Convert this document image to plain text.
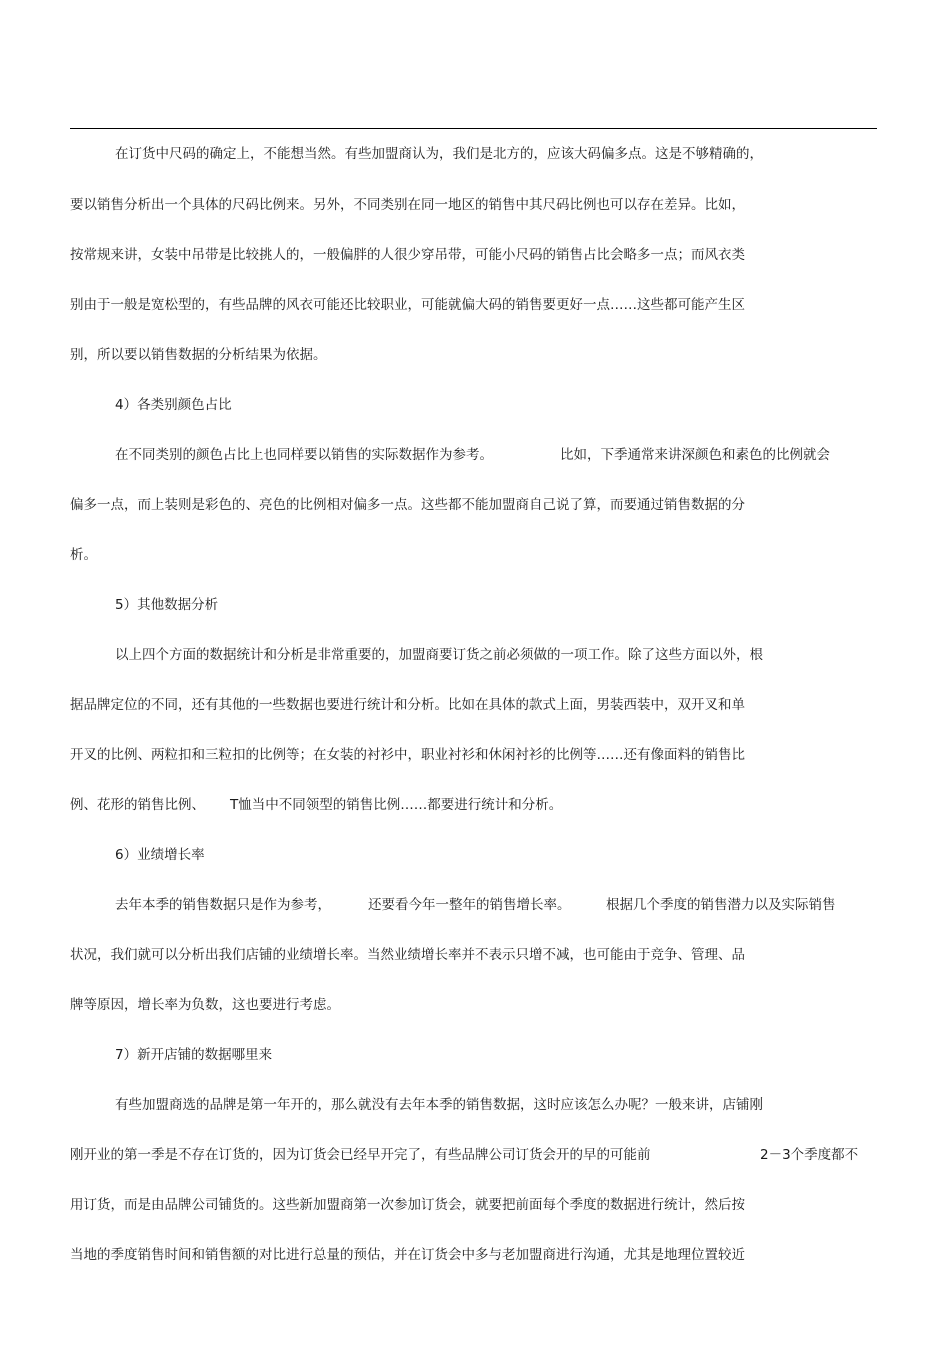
在订货中尺码的确定上，不能想当然。有些加盟商认为，我们是北方的，应该大码偏多点。这是不够精确的，
要以销售分析出一个具体的尺码比例来。另外，不同类别在同一地区的销售中其尺码比例也可以存在差异。比如，
按常规来讲，女装中吊带是比较挑人的，一般偏胖的人很少穿吊带，可能小尺码的销售占比会略多一点；而风衣类
别由于一般是宽松型的，有些品牌的风衣可能还比较职业，可能就偏大码的销售要更好一点……这些都可能产生区
别，所以要以销售数据的分析结果为依据。
4）各类别颜色占比
在不同类别的颜色占比上也同样要以销售的实际数据作为参考。	比如，下季通常来讲深颜色和素色的比例就会
偏多一点，而上装则是彩色的、亮色的比例相对偏多一点。这些都不能加盟商自己说了算，而要通过销售数据的分
析。
5）其他数据分析
以上四个方面的数据统计和分析是非常重要的，加盟商要订货之前必须做的一项工作。除了这些方面以外，根
据品牌定位的不同，还有其他的一些数据也要进行统计和分析。比如在具体的款式上面，男装西装中，双开叉和单
开叉的比例、两粒扣和三粒扣的比例等；在女装的衬衫中，职业衬衫和休闲衬衫的比例等……还有像面料的销售比
例、花形的销售比例、 T恤当中不同领型的销售比例……都要进行统计和分析。
6）业绩增长率
去年本季的销售数据只是作为参考，	还要看今年一整年的销售增长率。	根据几个季度的销售潜力以及实际销售
状况，我们就可以分析出我们店铺的业绩增长率。当然业绩增长率并不表示只增不减，也可能由于竞争、管理、品
牌等原因，增长率为负数，这也要进行考虑。
7）新开店铺的数据哪里来
有些加盟商选的品牌是第一年开的，那么就没有去年本季的销售数据，这时应该怎么办呢？一般来讲，店铺刚
刚开业的第一季是不存在订货的，因为订货会已经早开完了，有些品牌公司订货会开的早的可能前	2－3个季度都不
用订货，而是由品牌公司铺货的。这些新加盟商第一次参加订货会，就要把前面每个季度的数据进行统计，然后按
当地的季度销售时间和销售额的对比进行总量的预估，并在订货会中多与老加盟商进行沟通，尤其是地理位置较近
